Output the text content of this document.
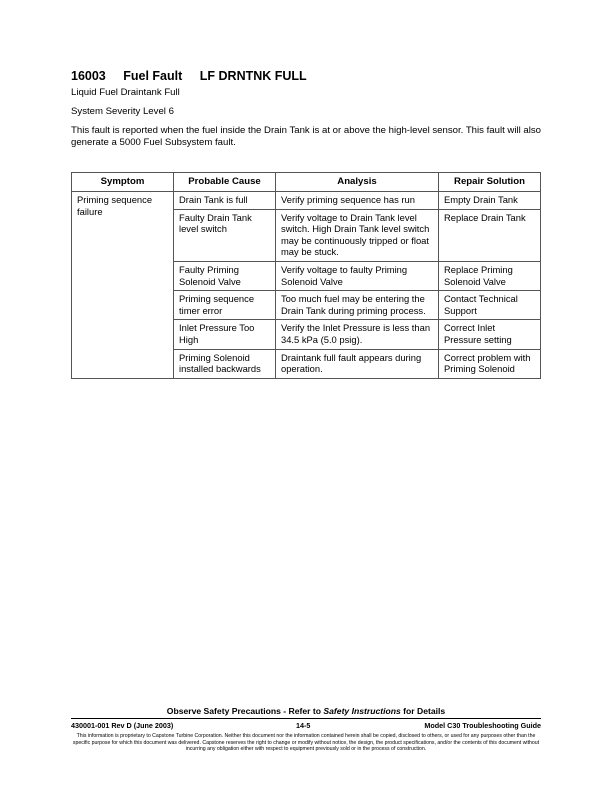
16003 Fuel Fault LF DRNTNK FULL
Liquid Fuel Draintank Full
System Severity Level 6
This fault is reported when the fuel inside the Drain Tank is at or above the high-level sensor. This fault will also generate a 5000 Fuel Subsystem fault.
Symptom	Probable Cause	Analysis	Repair Solution
Priming sequence failure	Drain Tank is full	Verify priming sequence has run	Empty Drain Tank
	Faulty Drain Tank level switch	Verify voltage to Drain Tank level switch. High Drain Tank level switch may be continuously tripped or float may be stuck.	Replace Drain Tank
	Faulty Priming Solenoid Valve	Verify voltage to faulty Priming Solenoid Valve	Replace Priming Solenoid Valve
	Priming sequence timer error	Too much fuel may be entering the Drain Tank during priming process.	Contact Technical Support
	Inlet Pressure Too High	Verify the Inlet Pressure is less than 34.5 kPa (5.0 psig).	Correct Inlet Pressure setting
	Priming Solenoid installed backwards	Draintank full fault appears during operation.	Correct problem with Priming Solenoid
Observe Safety Precautions - Refer to Safety Instructions for Details
430001-001 Rev D (June 2003)	14-5	Model C30 Troubleshooting Guide
This information is proprietary to Capstone Turbine Corporation. Neither this document nor the information contained herein shall be copied, disclosed to others, or used for any purposes other than the specific purpose for which this document was delivered. Capstone reserves the right to change or modify without notice, the design, the product specifications, and/or the contents of this document without incurring any obligation either with respect to equipment previously sold or in the process of construction.
